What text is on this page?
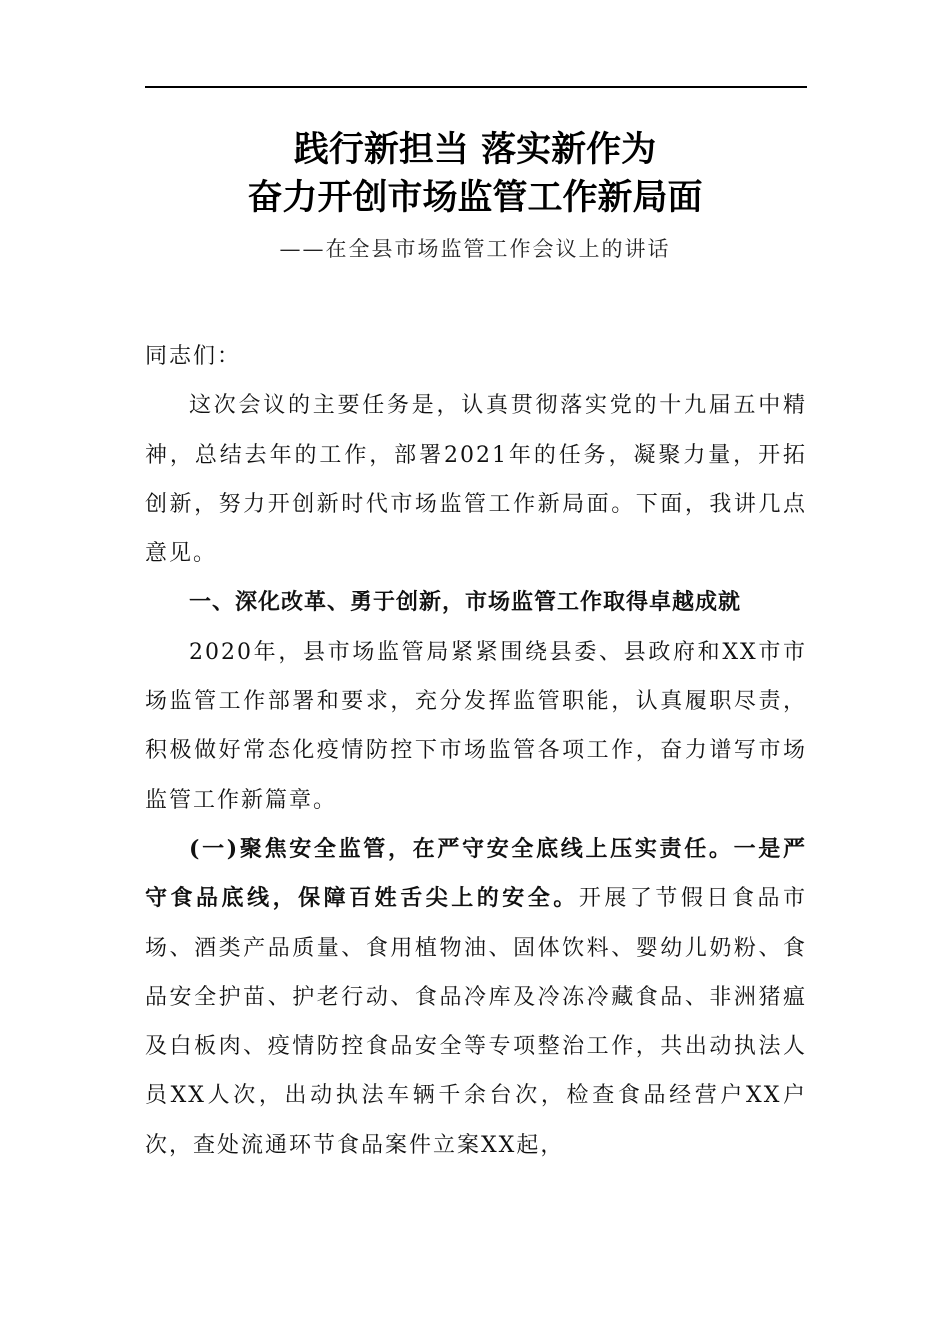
践行新担当 落实新作为
奋力开创市场监管工作新局面
——在全县市场监管工作会议上的讲话

同志们：

这次会议的主要任务是，认真贯彻落实党的十九届五中精神，总结去年的工作，部署2021年的任务，凝聚力量，开拓创新，努力开创新时代市场监管工作新局面。下面，我讲几点意见。

一、深化改革、勇于创新，市场监管工作取得卓越成就

2020年，县市场监管局紧紧围绕县委、县政府和XX市市场监管工作部署和要求，充分发挥监管职能，认真履职尽责，积极做好常态化疫情防控下市场监管各项工作，奋力谱写市场监管工作新篇章。

(一)聚焦安全监管，在严守安全底线上压实责任。一是严守食品底线，保障百姓舌尖上的安全。开展了节假日食品市场、酒类产品质量、食用植物油、固体饮料、婴幼儿奶粉、食品安全护苗、护老行动、食品冷库及冷冻冷藏食品、非洲猪瘟及白板肉、疫情防控食品安全等专项整治工作，共出动执法人员XX人次，出动执法车辆千余台次，检查食品经营户XX户次，查处流通环节食品案件立案XX起，
